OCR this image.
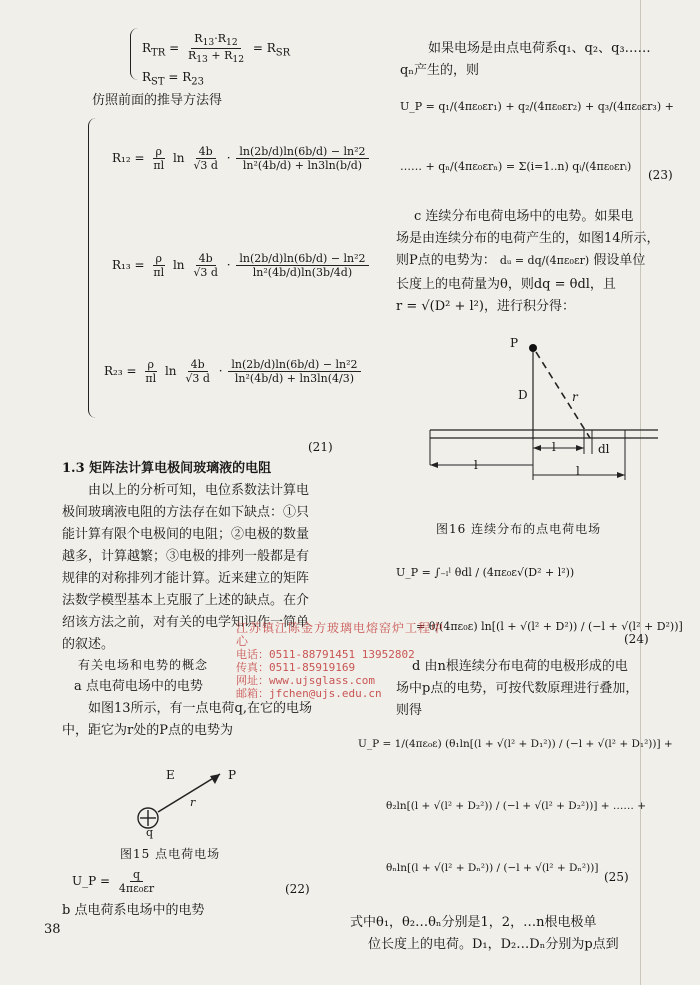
$R_{TR} = \frac{R_{13}\cdot R_{12}}{R_{13} + R_{12}} = R_{SR}$
$R_{ST} = R_{23}$
仿照前面的推导方法得
$R_{12} = \frac{\rho}{\pi l}$ $\ln \frac{4b}{√3 d} \cdot \frac{\text{ln(2b/d)ln(6b/d) − ln²2}}{\text{ln²(4b/d) + ln3ln(b/d)}}$
$R_{13} = \frac{\rho}{\pi l}$ $\ln \frac{4b}{√3 d} \cdot \frac{\text{ln(2b/d)ln(6b/d) − ln²2}}{\text{ln²(4b/d)ln(3b/4d)}}$
$R_{23} = \frac{\rho}{\pi l}$ $\ln \frac{4b}{√3 d} \cdot \frac{\text{ln(2b/d)ln(6b/d) − ln²2}}{\text{ln²(4b/d) + ln3ln(4/3)}}$
(21)
1.3 矩阵法计算电极间玻璃液的电阻
由以上的分析可知，电位系数法计算电
极间玻璃液电阻的方法存在如下缺点：①只
能计算有限个电极间的电阻；②电极的数量
越多，计算越繁；③电极的排列一般都是有
规律的对称排列才能计算。近来建立的矩阵
法数学模型基本上克服了上述的缺点。在介
绍该方法之前，对有关的电学知识作一简单
的叙述。
有关电场和电势的概念
a 点电荷电场中的电势
如图13所示，有一点电荷q,在它的电场
中，距它为r处的P点的电势为
E	P
r
q
图15 点电荷电场
U_P = $\frac{q}{\text{4πε₀εr}}$	(22)
b 点电荷系电场中的电势
38
如果电场是由点电荷系q₁、q₂、q₃……
qₙ产生的，则
U_P = q₁/(4πε₀εr₁) + q₂/(4πε₀εr₂) + q₃/(4πε₀εr₃) +
…… + qₙ/(4πε₀εrₙ) = Σ(i=1..n) qᵢ/(4πε₀εrᵢ)
(23)
c 连续分布电荷电场中的电势。如果电
场是由连续分布的电荷产生的，如图14所示，
则P点的电势为： dᵤ = dq/(4πε₀εr) 假设单位
长度上的电荷量为θ，则dq = θdl，且
r = √(D² + l²)，进行积分得：
P
D	r
l	dl
l	l
图16 连续分布的点电荷电场
U_P = ∫₋ₗˡ θdl / (4πε₀ε√(D² + l²))
= θ/(4πε₀ε) ln[(l + √(l² + D²)) / (−l + √(l² + D²))]
(24)
d 由n根连续分布电荷的电极形成的电
场中p点的电势，可按代数原理进行叠加，
则得
U_P = 1/(4πε₀ε) (θ₁ln[(l + √(l² + D₁²)) / (−l + √(l² + D₁²))] +
θ₂ln[(l + √(l² + D₂²)) / (−l + √(l² + D₂²))] + …… +
θₙln[(l + √(l² + Dₙ²)) / (−l + √(l² + Dₙ²))]
(25)
式中θ₁，θ₂…θₙ分别是1，2，…n根电极单
位长度上的电荷。D₁，D₂…Dₙ分别为p点到
江苏镇江陈金方玻璃电熔窑炉工程中心
电话：0511-88791451 13952802
传真：0511-85919169
网址：www.ujsglass.com
邮箱：jfchen@ujs.edu.cn
